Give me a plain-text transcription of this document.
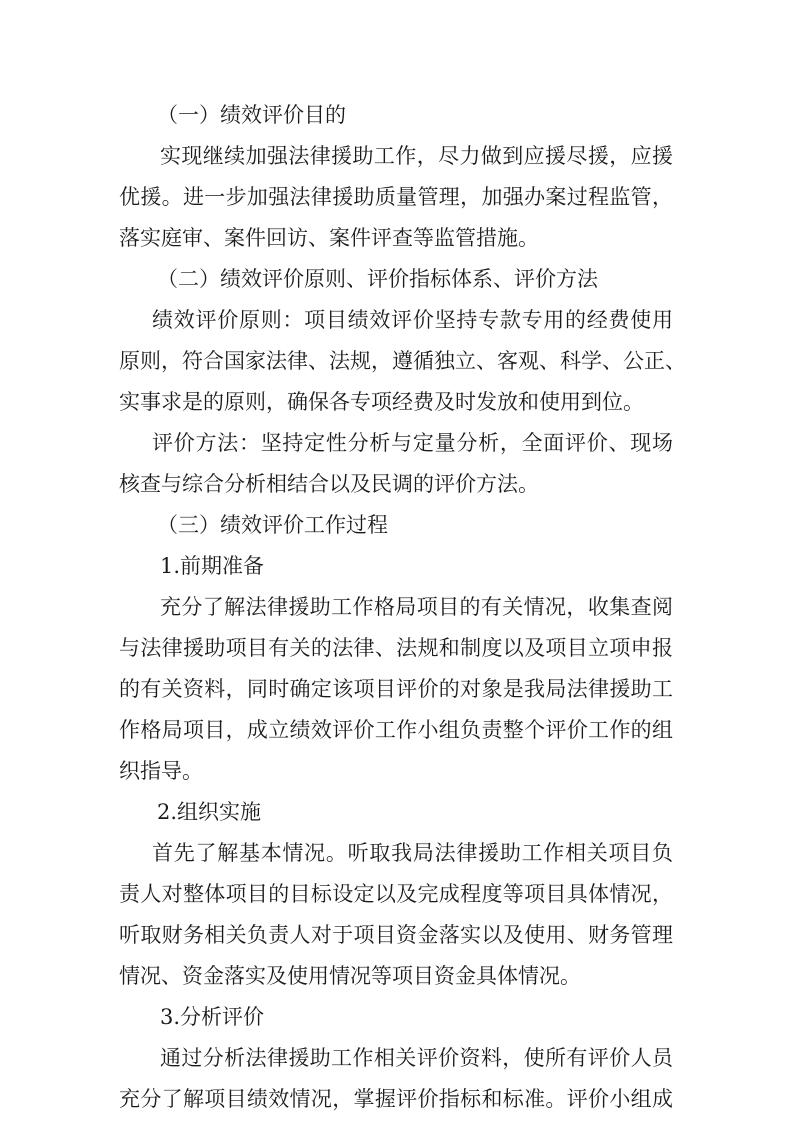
（一）绩效评价目的
实现继续加强法律援助工作，尽力做到应援尽援，应援
优援。进一步加强法律援助质量管理，加强办案过程监管，
落实庭审、案件回访、案件评查等监管措施。
（二）绩效评价原则、评价指标体系、评价方法
绩效评价原则：项目绩效评价坚持专款专用的经费使用
原则，符合国家法律、法规，遵循独立、客观、科学、公正、
实事求是的原则，确保各专项经费及时发放和使用到位。
评价方法：坚持定性分析与定量分析，全面评价、现场
核查与综合分析相结合以及民调的评价方法。
（三）绩效评价工作过程
1.前期准备
充分了解法律援助工作格局项目的有关情况，收集查阅
与法律援助项目有关的法律、法规和制度以及项目立项申报
的有关资料，同时确定该项目评价的对象是我局法律援助工
作格局项目，成立绩效评价工作小组负责整个评价工作的组
织指导。
2.组织实施
首先了解基本情况。听取我局法律援助工作相关项目负
责人对整体项目的目标设定以及完成程度等项目具体情况，
听取财务相关负责人对于项目资金落实以及使用、财务管理
情况、资金落实及使用情况等项目资金具体情况。
3.分析评价
通过分析法律援助工作相关评价资料，使所有评价人员
充分了解项目绩效情况，掌握评价指标和标准。评价小组成
